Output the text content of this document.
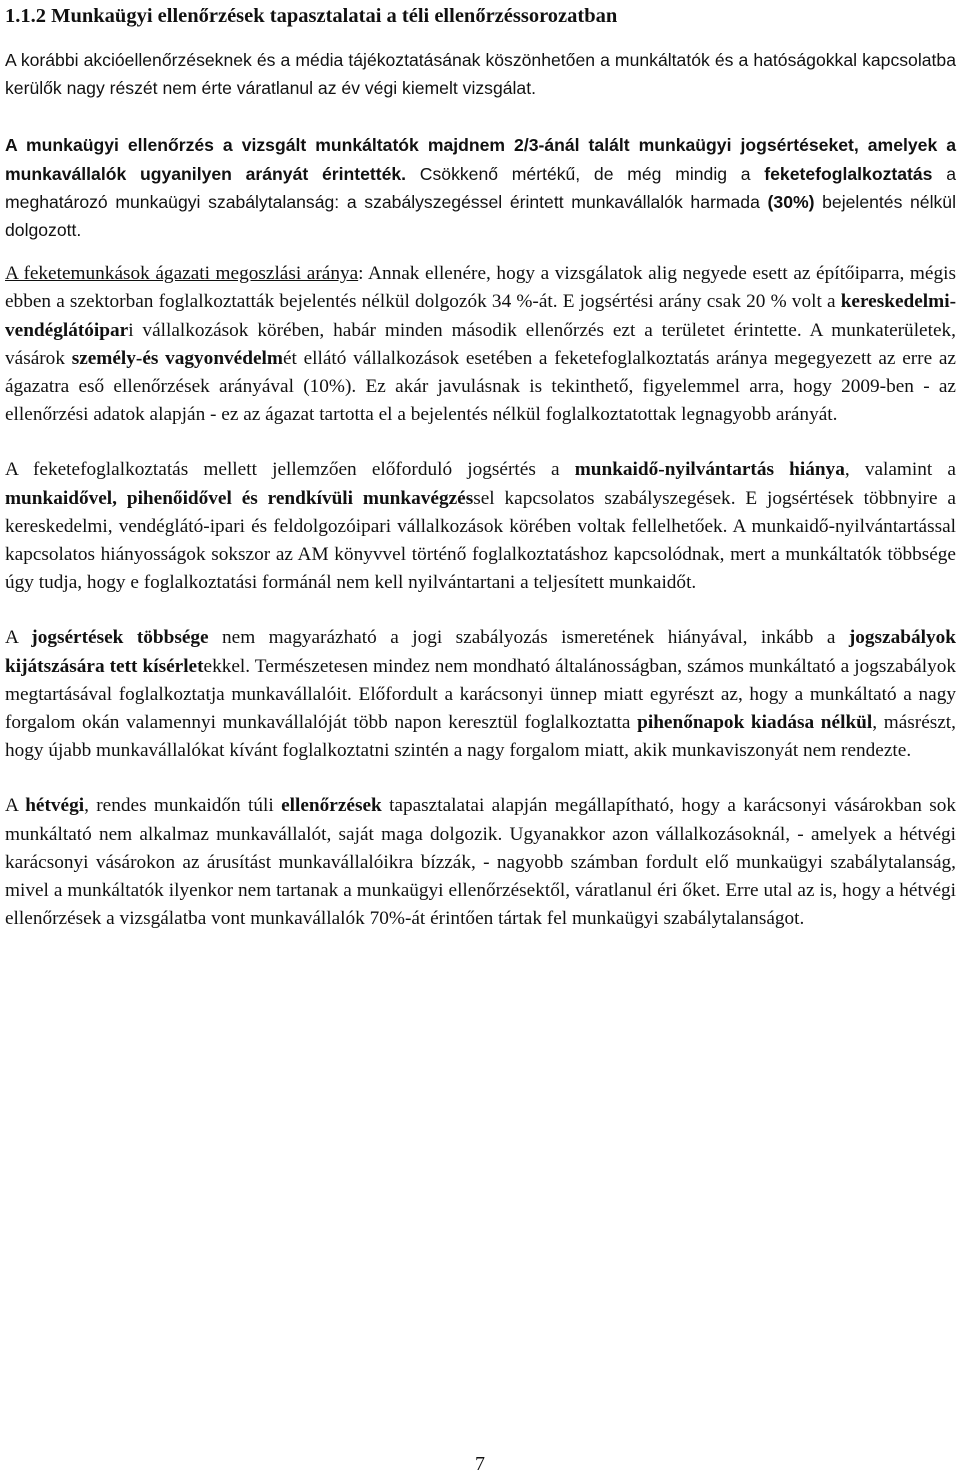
1.1.2 Munkaügyi ellenőrzések tapasztalatai a téli ellenőrzéssorozatban

A korábbi akcióellenőrzéseknek és a média tájékoztatásának köszönhetően a munkáltatók és a hatóságokkal kapcsolatba kerülők nagy részét nem érte váratlanul az év végi kiemelt vizsgálat.

A munkaügyi ellenőrzés a vizsgált munkáltatók majdnem 2/3-ánál talált munkaügyi jogsértéseket, amelyek a munkavállalók ugyanilyen arányát érintették. Csökkenő mértékű, de még mindig a feketefoglalkoztatás a meghatározó munkaügyi szabálytalanság: a szabályszegéssel érintett munkavállalók harmada (30%) bejelentés nélkül dolgozott.

A feketemunkások ágazati megoszlási aránya: Annak ellenére, hogy a vizsgálatok alig negyede esett az építőiparra, mégis ebben a szektorban foglalkoztatták bejelentés nélkül dolgozók 34 %-át. E jogsértési arány csak 20 % volt a kereskedelmi-vendéglátóipari vállalkozások körében, habár minden második ellenőrzés ezt a területet érintette. A munkaterületek, vásárok személy-és vagyonvédelmét ellátó vállalkozások esetében a feketefoglalkoztatás aránya megegyezett az erre az ágazatra eső ellenőrzések arányával (10%). Ez akár javulásnak is tekinthető, figyelemmel arra, hogy 2009-ben - az ellenőrzési adatok alapján - ez az ágazat tartotta el a bejelentés nélkül foglalkoztatottak legnagyobb arányát.

A feketefoglalkoztatás mellett jellemzően előforduló jogsértés a munkaidő-nyilvántartás hiánya, valamint a munkaidővel, pihenőidővel és rendkívüli munkavégzéssel kapcsolatos szabályszegések. E jogsértések többnyire a kereskedelmi, vendéglátó-ipari és feldolgozóipari vállalkozások körében voltak fellelhetőek. A munkaidő-nyilvántartással kapcsolatos hiányosságok sokszor az AM könyvvel történő foglalkoztatáshoz kapcsolódnak, mert a munkáltatók többsége úgy tudja, hogy e foglalkoztatási formánál nem kell nyilvántartani a teljesített munkaidőt.

A jogsértések többsége nem magyarázható a jogi szabályozás ismeretének hiányával, inkább a jogszabályok kijátszására tett kísérletekkel. Természetesen mindez nem mondható általánosságban, számos munkáltató a jogszabályok megtartásával foglalkoztatja munkavállalóit. Előfordult a karácsonyi ünnep miatt egyrészt az, hogy a munkáltató a nagy forgalom okán valamennyi munkavállalóját több napon keresztül foglalkoztatta pihenőnapok kiadása nélkül, másrészt, hogy újabb munkavállalókat kívánt foglalkoztatni szintén a nagy forgalom miatt, akik munkaviszonyát nem rendezte.

A hétvégi, rendes munkaidőn túli ellenőrzések tapasztalatai alapján megállapítható, hogy a karácsonyi vásárokban sok munkáltató nem alkalmaz munkavállalót, saját maga dolgozik. Ugyanakkor azon vállalkozásoknál, - amelyek a hétvégi karácsonyi vásárokon az árusítást munkavállalóikra bízzák, - nagyobb számban fordult elő munkaügyi szabálytalanság, mivel a munkáltatók ilyenkor nem tartanak a munkaügyi ellenőrzésektől, váratlanul éri őket. Erre utal az is, hogy a hétvégi ellenőrzések a vizsgálatba vont munkavállalók 70%-át érintően tártak fel munkaügyi szabálytalanságot.

7
